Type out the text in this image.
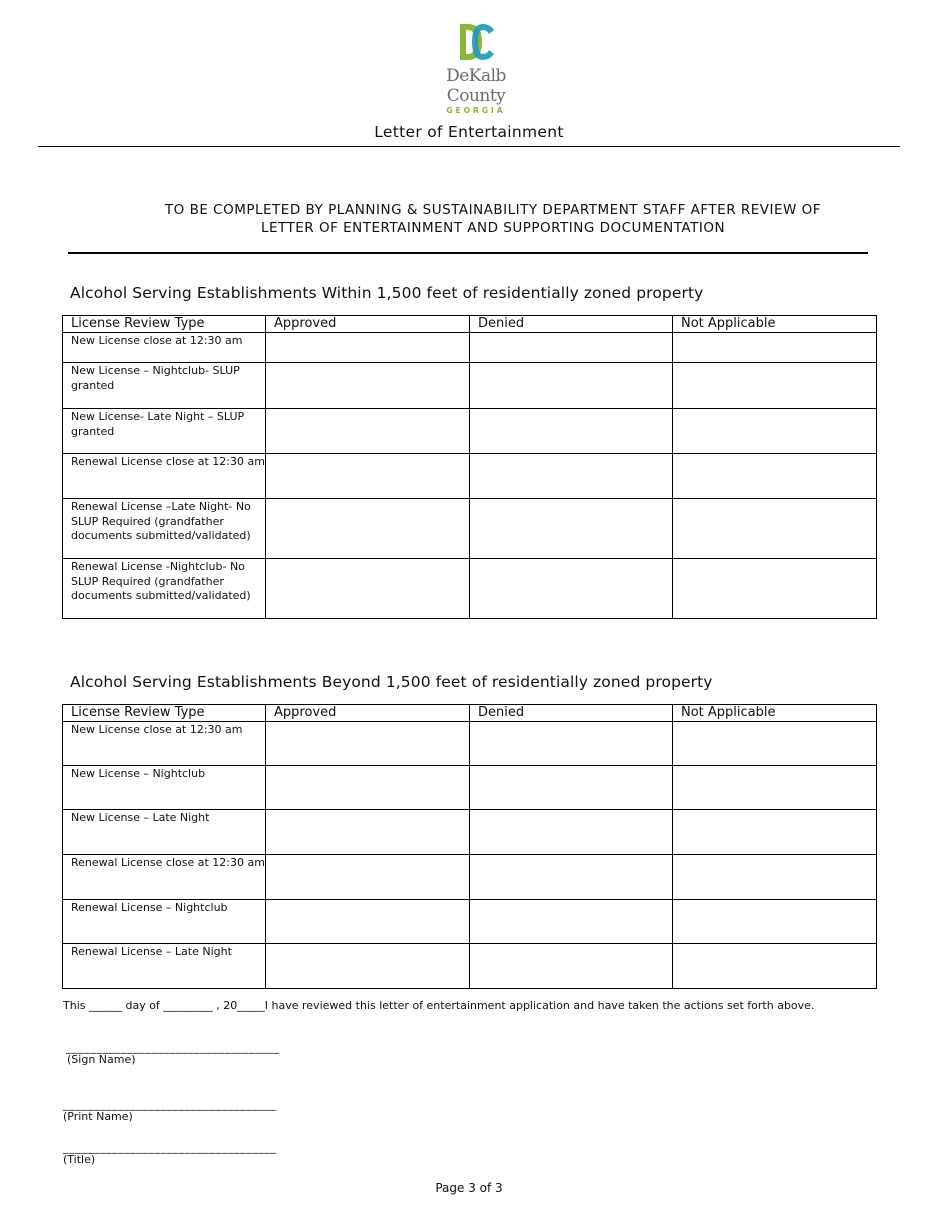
DeKalb County
GEORGIA
Letter of Entertainment
TO BE COMPLETED BY PLANNING & SUSTAINABILITY DEPARTMENT STAFF AFTER REVIEW OF
LETTER OF ENTERTAINMENT AND SUPPORTING DOCUMENTATION
Alcohol Serving Establishments Within 1,500 feet of residentially zoned property
License Review Type	Approved	Denied	Not Applicable
New License close at 12:30 am			
New License – Nightclub- SLUP granted			
New License- Late Night – SLUP granted			
Renewal License close at 12:30 am			
Renewal License –Late Night- No SLUP Required (grandfather documents submitted/validated)			
Renewal License -Nightclub- No SLUP Required (grandfather documents submitted/validated)			
Alcohol Serving Establishments Beyond 1,500 feet of residentially zoned property
License Review Type	Approved	Denied	Not Applicable
New License close at 12:30 am			
New License – Nightclub			
New License – Late Night			
Renewal License close at 12:30 am			
Renewal License – Nightclub			
Renewal License – Late Night			
This ______ day of _________ , 20_____I have reviewed this letter of entertainment application and have taken the actions set forth above.
___________________________________
(Sign Name)
___________________________________
(Print Name)
___________________________________
(Title)
Page 3 of 3
